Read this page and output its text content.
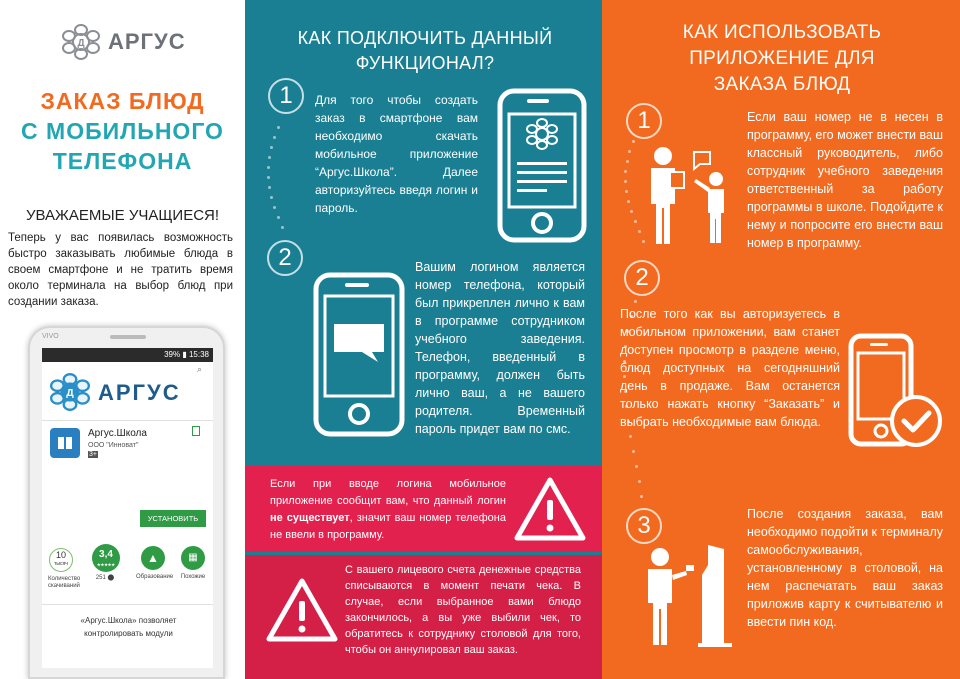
Д АРГУС
ЗАКАЗ БЛЮД
С МОБИЛЬНОГО
ТЕЛЕФОНА
УВАЖАЕМЫЕ УЧАЩИЕСЯ!
Теперь у вас появилась возможность быстро заказывать любимые блюда в своем смартфоне и не тратить время около терминала на выбор блюд при создании заказа.
VIVO
39% ▮ 15:38
Д АРГУС
⌕
Аргус.Школа
ООО "Инноват"
3+
УСТАНОВИТЬ
10
тысяч
Количество скачиваний
3,4
★★★★★
251 ⬤
▲
Образование
▦
Похожие
«Аргус.Школа» позволяет контролировать модули
КАК ПОДКЛЮЧИТЬ ДАННЫЙ ФУНКЦИОНАЛ?
1	Для того чтобы создать заказ в смартфоне вам необходимо скачать мобильное приложение “Аргус.Школа”. Далее авторизуйтесь введя логин и пароль.
2	Вашим логином является номер телефона, который был прикреплен лично к вам в программе сотрудником учебного заведения. Телефон, введенный в программу, должен быть лично ваш, а не вашего родителя. Временный пароль придет вам по смс.
Если при вводе логина мобильное приложение сообщит вам, что данный логин не существует, значит ваш номер телефона не ввели в программу.
С вашего лицевого счета денежные средства списываются в момент печати чека. В случае, если выбранное вами блюдо закончилось, а вы уже выбили чек, то обратитесь к сотруднику столовой для того, чтобы он аннулировал ваш заказ.
КАК ИСПОЛЬЗОВАТЬ ПРИЛОЖЕНИЕ ДЛЯ ЗАКАЗА БЛЮД
1	Если ваш номер не в несен в программу, его может внести ваш классный руководитель, либо сотрудник учебного заведения ответственный за работу программы в школе. Подойдите к нему и попросите его внести ваш номер в программу.
2
После того как вы авторизуетесь в мобильном приложении, вам станет доступен просмотр в разделе меню, блюд доступных на сегодняшний день в продаже. Вам останется только нажать кнопку “Заказать” и выбрать необходимые вам блюда.
3	После создания заказа, вам необходимо подойти к терминалу самообслуживания, установленному в столовой, на нем распечатать ваш заказ приложив карту к считывателю и ввести пин код.
